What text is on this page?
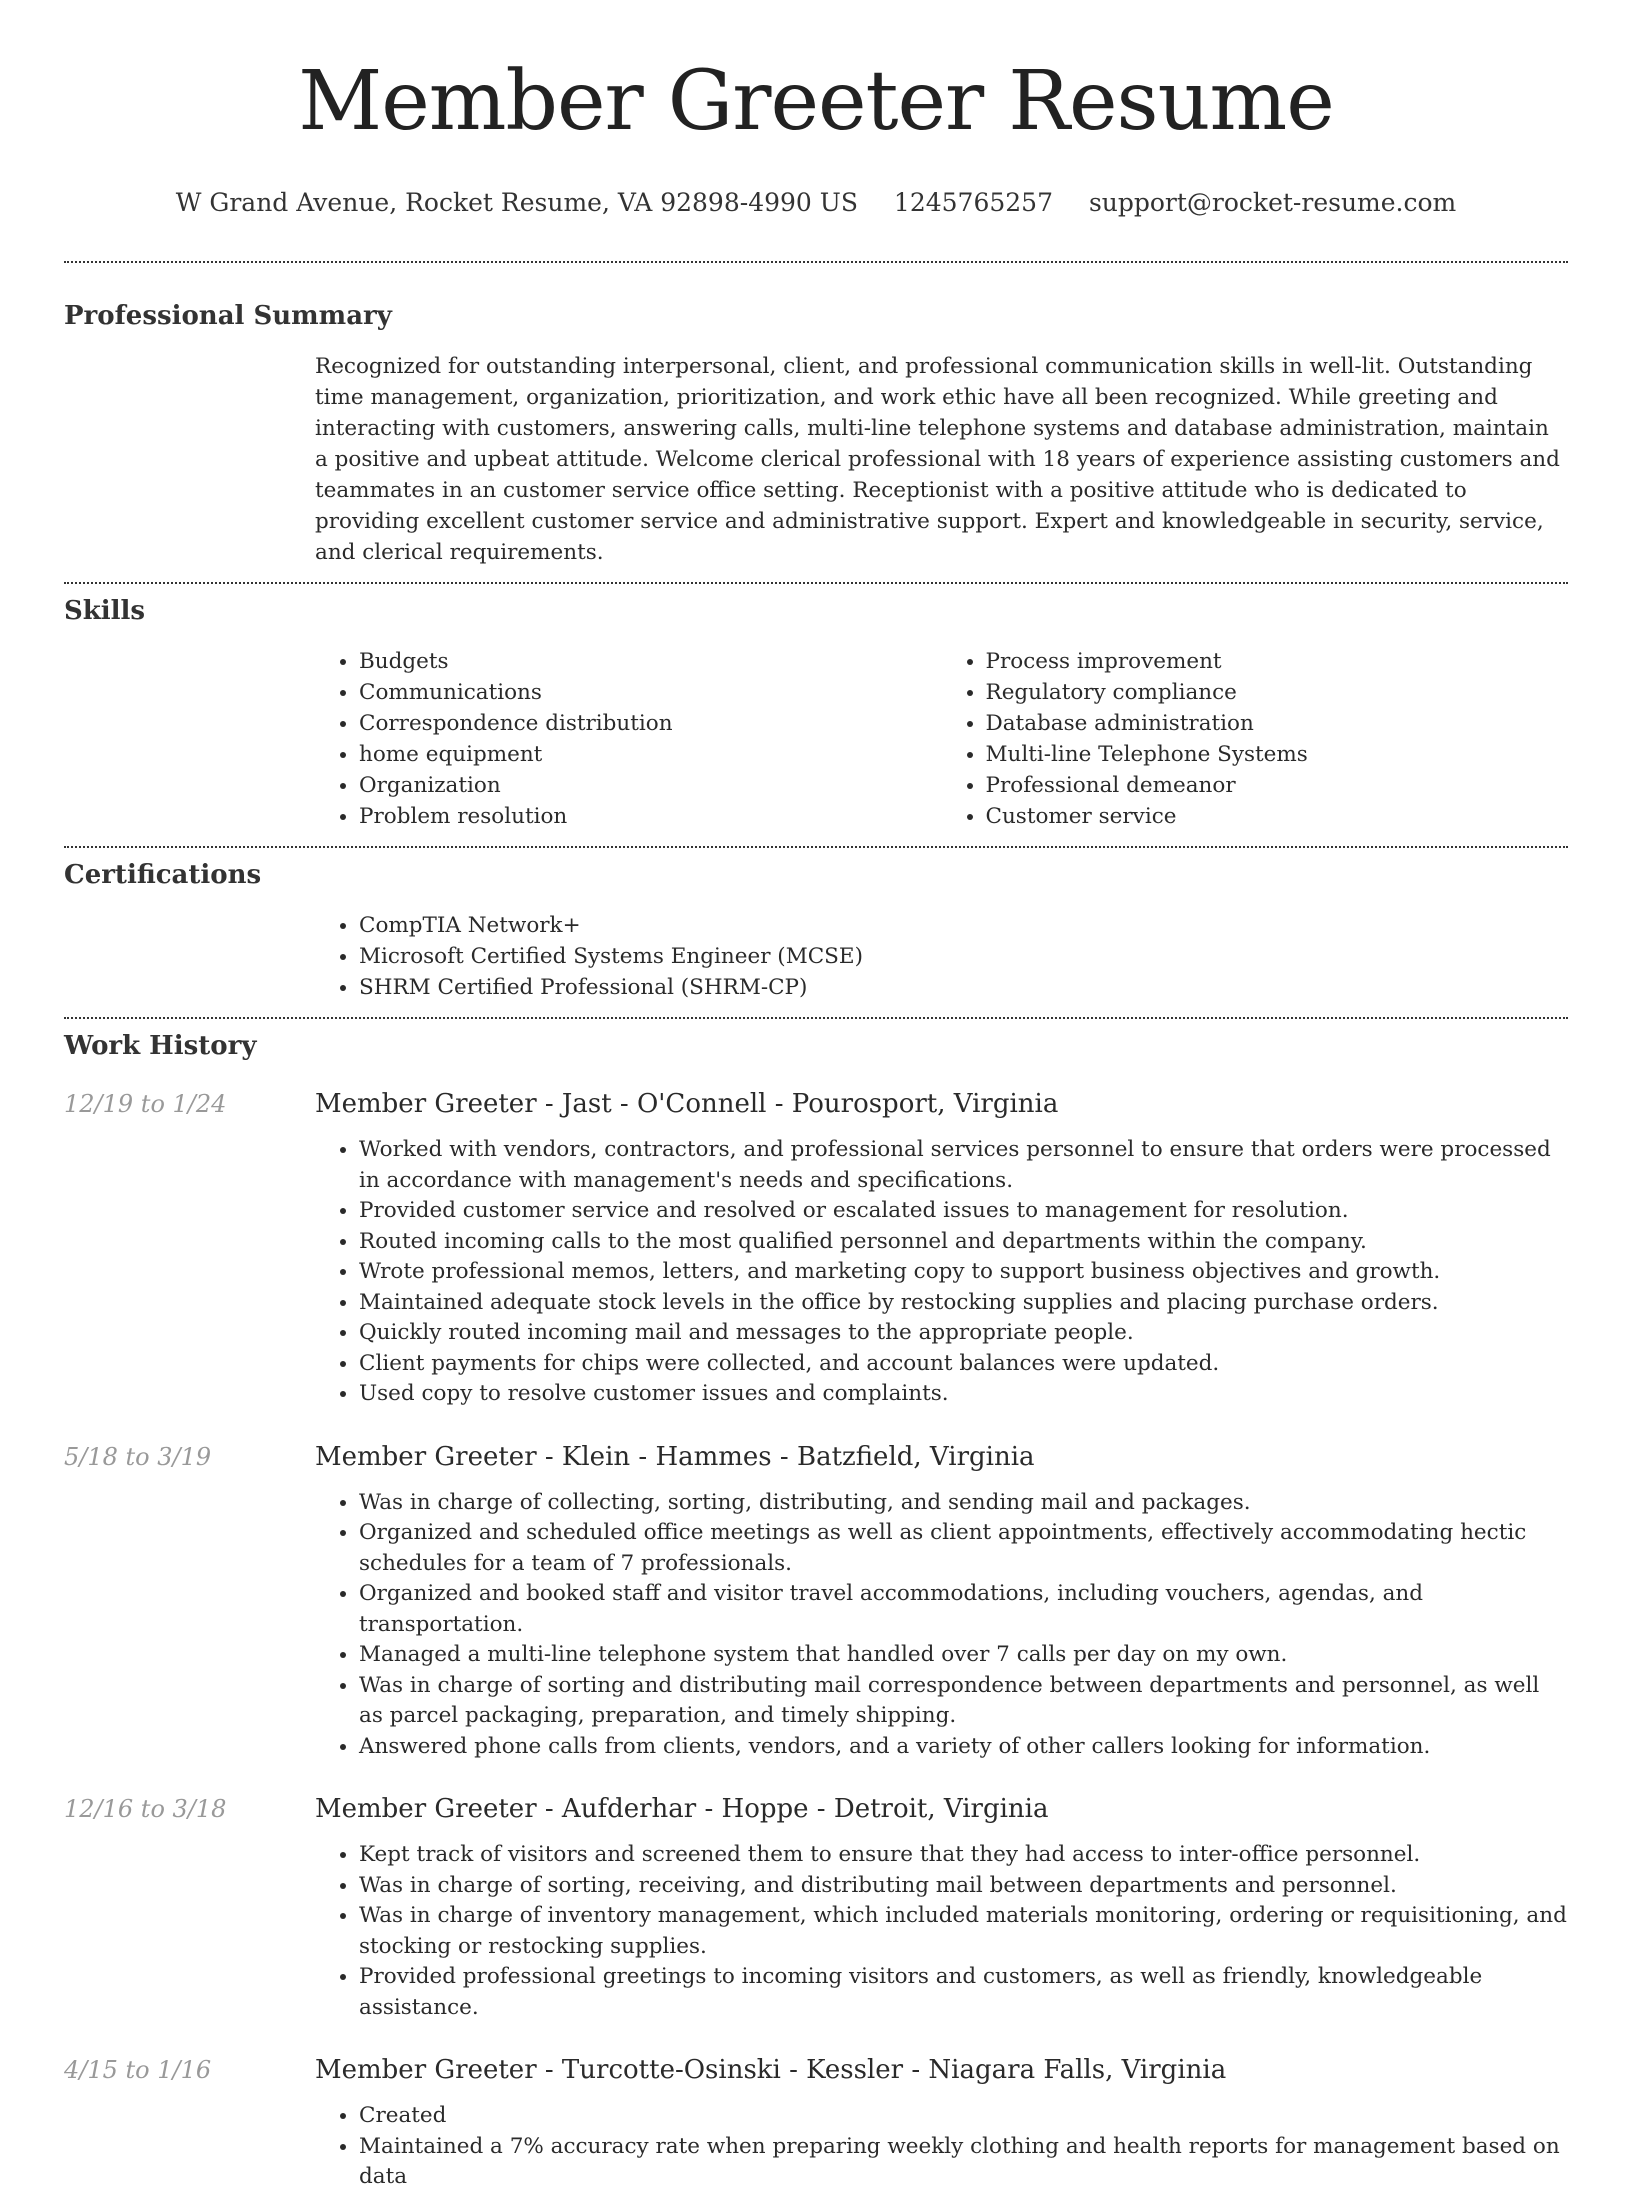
Member Greeter Resume
W Grand Avenue, Rocket Resume, VA 92898-4990 US 1245765257 support@rocket-resume.com
Professional Summary

Recognized for outstanding interpersonal, client, and professional communication skills in well-lit. Outstanding time management, organization, prioritization, and work ethic have all been recognized. While greeting and interacting with customers, answering calls, multi-line telephone systems and database administration, maintain a positive and upbeat attitude. Welcome clerical professional with 18 years of experience assisting customers and teammates in an customer service office setting. Receptionist with a positive attitude who is dedicated to providing excellent customer service and administrative support. Expert and knowledgeable in security, service, and clerical requirements.

Skills
• Budgets
• Communications
• Correspondence distribution
• home equipment
• Organization
• Problem resolution
• Process improvement
• Regulatory compliance
• Database administration
• Multi-line Telephone Systems
• Professional demeanor
• Customer service
Certifications
• CompTIA Network+
• Microsoft Certified Systems Engineer (MCSE)
• SHRM Certified Professional (SHRM-CP)
Work History
12/19 to 1/24	Member Greeter - Jast - O'Connell - Pourosport, Virginia
• Worked with vendors, contractors, and professional services personnel to ensure that orders were processed in accordance with management's needs and specifications.
• Provided customer service and resolved or escalated issues to management for resolution.
• Routed incoming calls to the most qualified personnel and departments within the company.
• Wrote professional memos, letters, and marketing copy to support business objectives and growth.
• Maintained adequate stock levels in the office by restocking supplies and placing purchase orders.
• Quickly routed incoming mail and messages to the appropriate people.
• Client payments for chips were collected, and account balances were updated.
• Used copy to resolve customer issues and complaints.
5/18 to 3/19	Member Greeter - Klein - Hammes - Batzfield, Virginia
• Was in charge of collecting, sorting, distributing, and sending mail and packages.
• Organized and scheduled office meetings as well as client appointments, effectively accommodating hectic schedules for a team of 7 professionals.
• Organized and booked staff and visitor travel accommodations, including vouchers, agendas, and transportation.
• Managed a multi-line telephone system that handled over 7 calls per day on my own.
• Was in charge of sorting and distributing mail correspondence between departments and personnel, as well as parcel packaging, preparation, and timely shipping.
• Answered phone calls from clients, vendors, and a variety of other callers looking for information.
12/16 to 3/18	Member Greeter - Aufderhar - Hoppe - Detroit, Virginia
• Kept track of visitors and screened them to ensure that they had access to inter-office personnel.
• Was in charge of sorting, receiving, and distributing mail between departments and personnel.
• Was in charge of inventory management, which included materials monitoring, ordering or requisitioning, and stocking or restocking supplies.
• Provided professional greetings to incoming visitors and customers, as well as friendly, knowledgeable assistance.
4/15 to 1/16	Member Greeter - Turcotte-Osinski - Kessler - Niagara Falls, Virginia
• Created
• Maintained a 7% accuracy rate when preparing weekly clothing and health reports for management based on data
